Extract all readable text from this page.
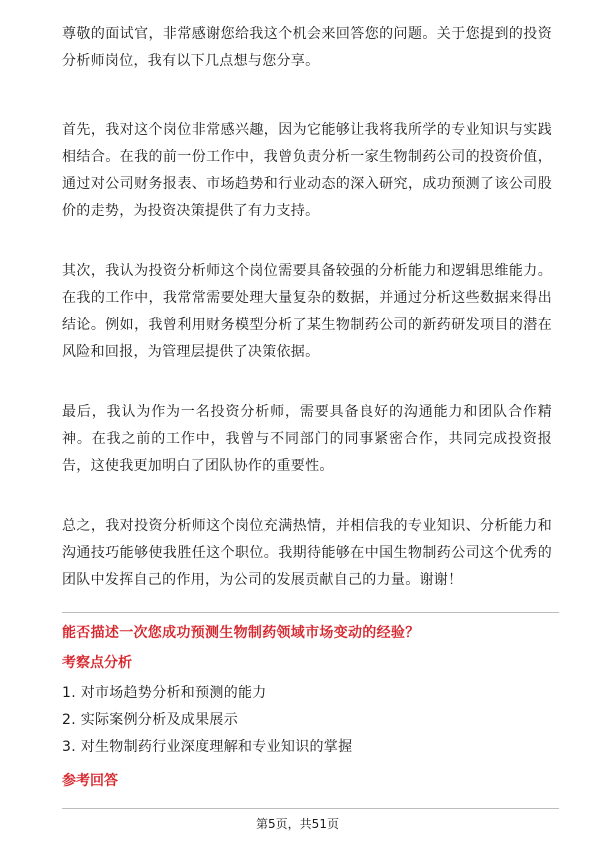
尊敬的面试官，非常感谢您给我这个机会来回答您的问题。关于您提到的投资分析师岗位，我有以下几点想与您分享。

首先，我对这个岗位非常感兴趣，因为它能够让我将我所学的专业知识与实践相结合。在我的前一份工作中，我曾负责分析一家生物制药公司的投资价值，通过对公司财务报表、市场趋势和行业动态的深入研究，成功预测了该公司股价的走势，为投资决策提供了有力支持。

其次，我认为投资分析师这个岗位需要具备较强的分析能力和逻辑思维能力。在我的工作中，我常常需要处理大量复杂的数据，并通过分析这些数据来得出结论。例如，我曾利用财务模型分析了某生物制药公司的新药研发项目的潜在风险和回报，为管理层提供了决策依据。

最后，我认为作为一名投资分析师，需要具备良好的沟通能力和团队合作精神。在我之前的工作中，我曾与不同部门的同事紧密合作，共同完成投资报告，这使我更加明白了团队协作的重要性。

总之，我对投资分析师这个岗位充满热情，并相信我的专业知识、分析能力和沟通技巧能够使我胜任这个职位。我期待能够在中国生物制药公司这个优秀的团队中发挥自己的作用，为公司的发展贡献自己的力量。谢谢！

能否描述一次您成功预测生物制药领域市场变动的经验？
考察点分析
1. 对市场趋势分析和预测的能力
2. 实际案例分析及成果展示
3. 对生物制药行业深度理解和专业知识的掌握
参考回答
第5页，共51页
